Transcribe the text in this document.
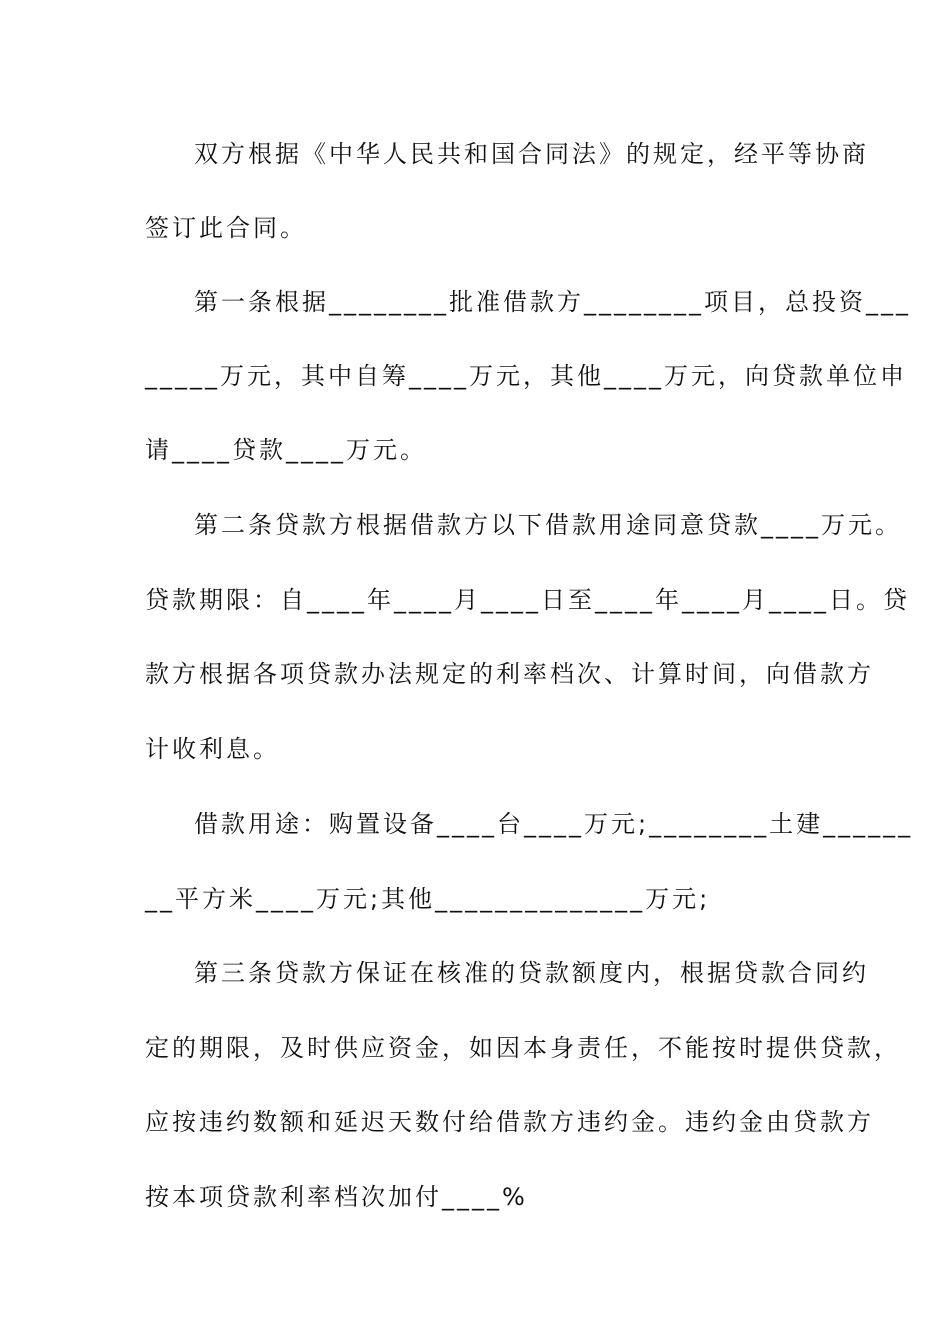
双方根据《中华人民共和国合同法》的规定，经平等协商
签订此合同。
第一条根据________批准借款方________项目，总投资___
_____万元，其中自筹____万元，其他____万元，向贷款单位申
请____贷款____万元。
第二条贷款方根据借款方以下借款用途同意贷款____万元。
贷款期限：自____年____月____日至____年____月____日。贷
款方根据各项贷款办法规定的利率档次、计算时间，向借款方
计收利息。
借款用途：购置设备____台____万元;________土建______
__平方米____万元;其他______________万元;
第三条贷款方保证在核准的贷款额度内，根据贷款合同约
定的期限，及时供应资金，如因本身责任，不能按时提供贷款，
应按违约数额和延迟天数付给借款方违约金。违约金由贷款方
按本项贷款利率档次加付____%
